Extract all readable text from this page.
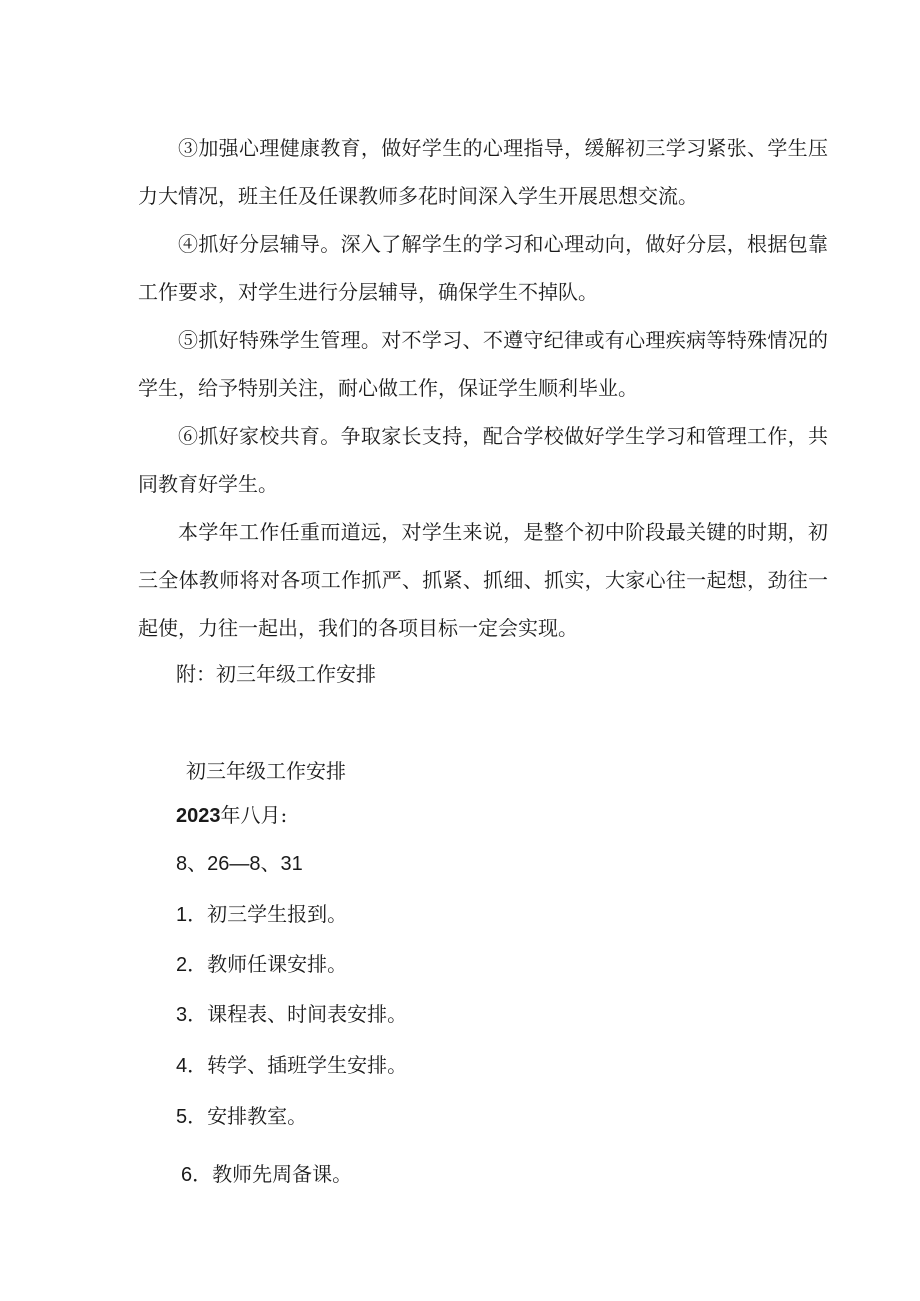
③加强心理健康教育，做好学生的心理指导，缓解初三学习紧张、学生压力大情况，班主任及任课教师多花时间深入学生开展思想交流。

④抓好分层辅导。深入了解学生的学习和心理动向，做好分层，根据包靠工作要求，对学生进行分层辅导，确保学生不掉队。

⑤抓好特殊学生管理。对不学习、不遵守纪律或有心理疾病等特殊情况的学生，给予特别关注，耐心做工作，保证学生顺利毕业。

⑥抓好家校共育。争取家长支持，配合学校做好学生学习和管理工作，共同教育好学生。

本学年工作任重而道远，对学生来说，是整个初中阶段最关键的时期，初三全体教师将对各项工作抓严、抓紧、抓细、抓实，大家心往一起想，劲往一起使，力往一起出，我们的各项目标一定会实现。

附：初三年级工作安排

初三年级工作安排

2023年八月:

8、26—8、31

1．初三学生报到。

2．教师任课安排。

3．课程表、时间表安排。

4．转学、插班学生安排。

5．安排教室。

6．教师先周备课。
